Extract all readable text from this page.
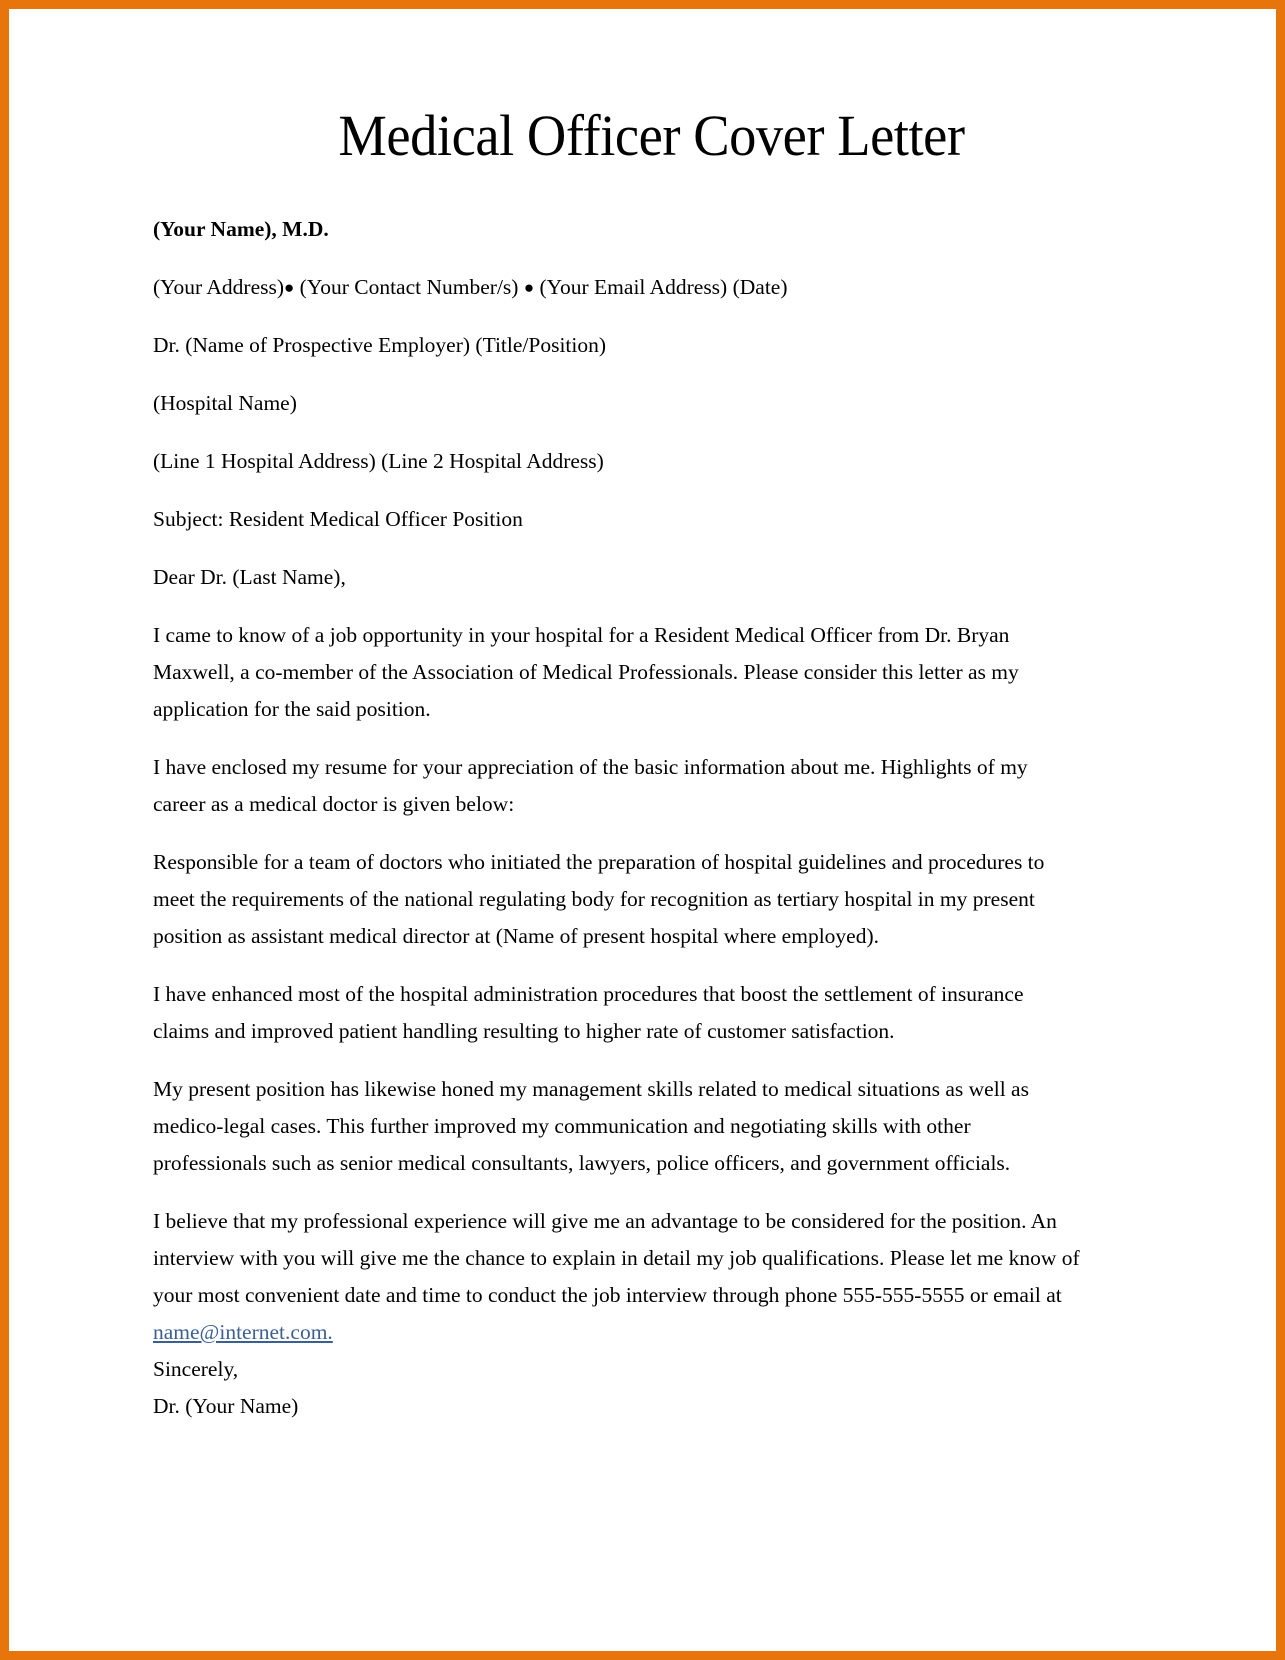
Medical Officer Cover Letter

(Your Name), M.D.

(Your Address)● (Your Contact Number/s) ● (Your Email Address) (Date)

Dr. (Name of Prospective Employer) (Title/Position)

(Hospital Name)

(Line 1 Hospital Address) (Line 2 Hospital Address)

Subject: Resident Medical Officer Position

Dear Dr. (Last Name),

I came to know of a job opportunity in your hospital for a Resident Medical Officer from Dr. Bryan Maxwell, a co-member of the Association of Medical Professionals. Please consider this letter as my application for the said position.

I have enclosed my resume for your appreciation of the basic information about me. Highlights of my career as a medical doctor is given below:

Responsible for a team of doctors who initiated the preparation of hospital guidelines and procedures to meet the requirements of the national regulating body for recognition as tertiary hospital in my present position as assistant medical director at (Name of present hospital where employed).

I have enhanced most of the hospital administration procedures that boost the settlement of insurance claims and improved patient handling resulting to higher rate of customer satisfaction.

My present position has likewise honed my management skills related to medical situations as well as medico-legal cases. This further improved my communication and negotiating skills with other professionals such as senior medical consultants, lawyers, police officers, and government officials.

I believe that my professional experience will give me an advantage to be considered for the position. An interview with you will give me the chance to explain in detail my job qualifications. Please let me know of your most convenient date and time to conduct the job interview through phone 555-555-5555 or email at name@internet.com.

Sincerely,

Dr. (Your Name)
